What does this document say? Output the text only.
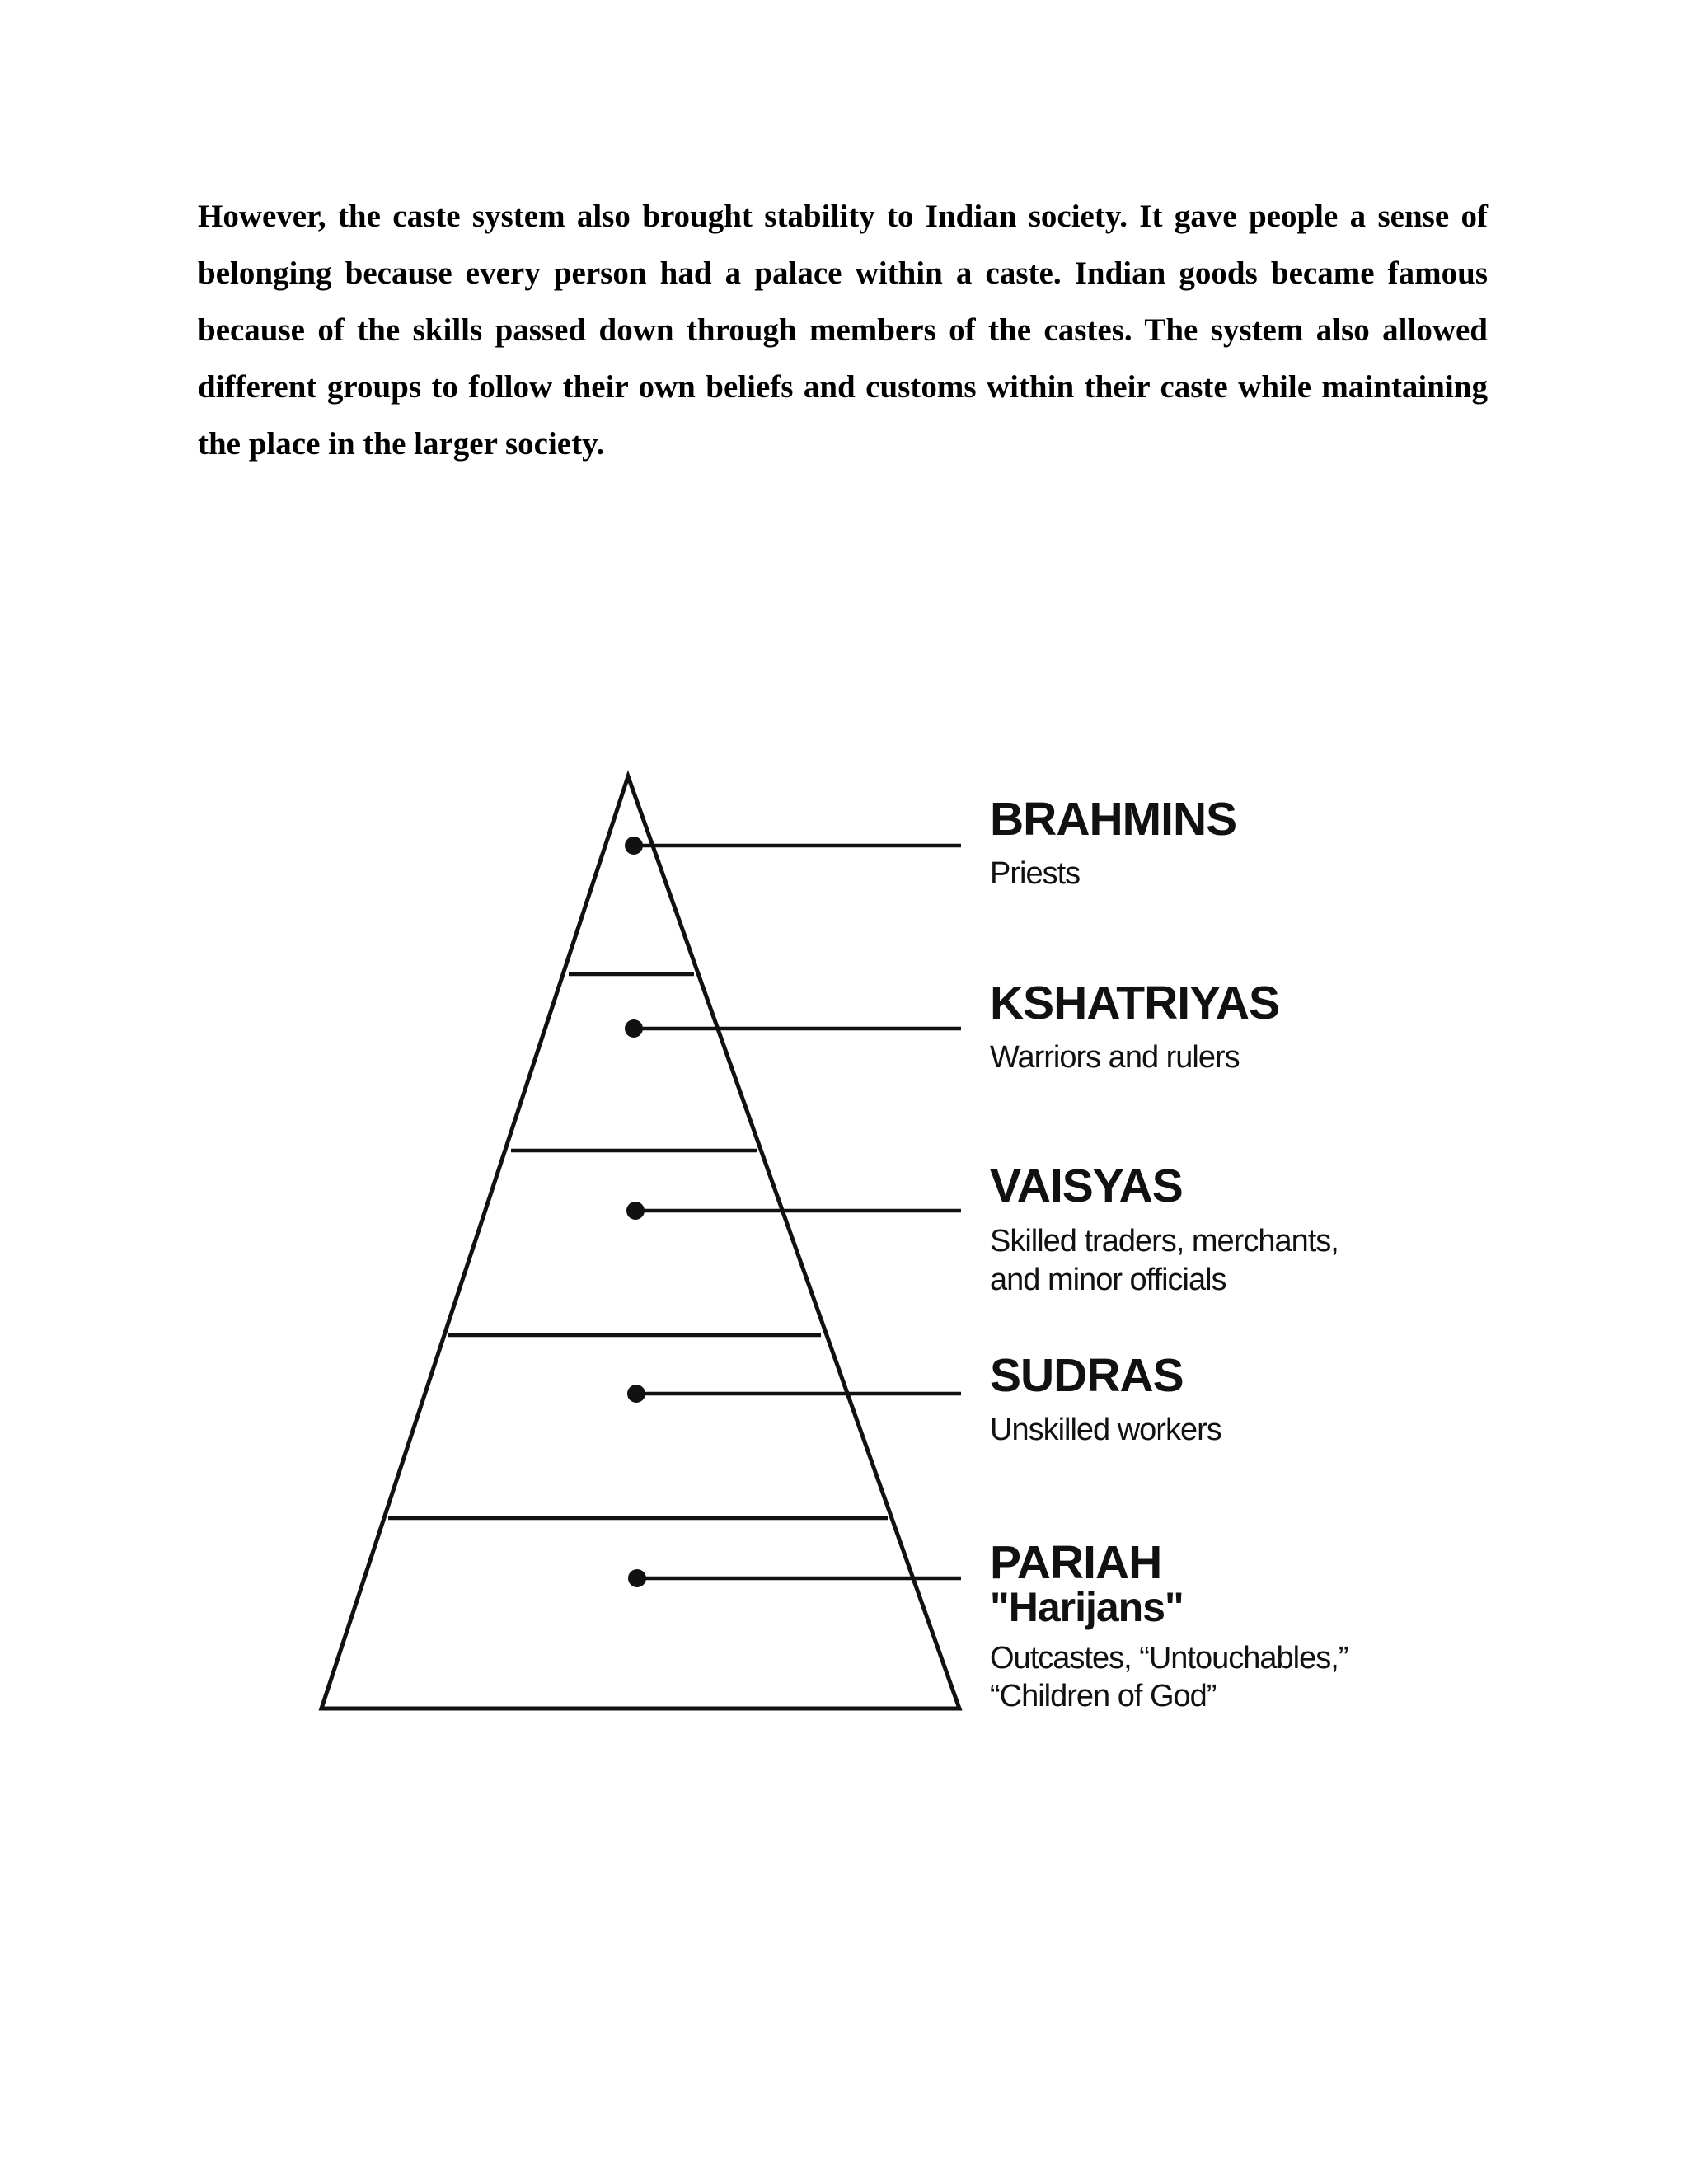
However, the caste system also brought stability to Indian society. It gave people a sense of belonging because every person had a palace within a caste. Indian goods became famous because of the skills passed down through members of the castes. The system also allowed different groups to follow their own beliefs and customs within their caste while maintaining the place in the larger society.

BRAHMINS
Priests
KSHATRIYAS
Warriors and rulers
VAISYAS
Skilled traders, merchants,
and minor officials
SUDRAS
Unskilled workers
PARIAH
"Harijans"
Outcastes, “Untouchables,”
“Children of God”
